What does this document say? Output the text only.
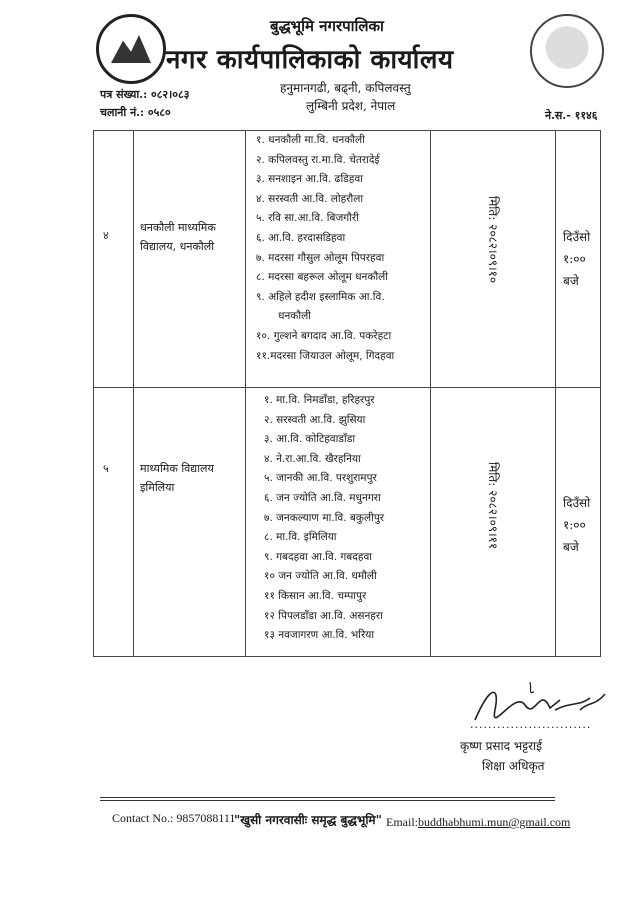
बुद्धभूमि नगरपालिका
नगर कार्यपालिकाको कार्यालय
हनुमानगढी, बढ्नी, कपिलवस्तु
लुम्बिनी प्रदेश, नेपाल
पत्र संख्या.: ०८२।०८३
चलानी नं.: ०५८०	ने.स.- ११४६
४
धनकौली माध्यमिक विद्यालय, धनकौली
१. धनकौली मा.वि. धनकौली
२. कपिलवस्तु रा.मा.वि. चेतरादेई
३. सनशाइन आ.वि. ढडिहवा
४. सरस्वती आ.वि. लोहरौला
५. रवि सा.आ.वि. बिजगौरी
६. आ.वि. हरदासडिहवा
७. मदरसा गौसुल ओलूम पिपरहवा
८. मदरसा बहरूल ओलूम धनकौली
९. अहिले हदीश इस्लामिक आ.वि.
धनकौली
१०. गुल्शने बगदाद आ.वि. पकरेहटा
११.मदरसा जियाउल ओलूम, गिदहवा
मिति: २०८२।०९।१०	दिउँसो
१:००
बजे
५	माध्यमिक विद्यालय इमिलिया
१. मा.वि. निमडाँडा, हरिहरपुर
२. सरस्वती आ.वि. झुसिया
३. आ.वि. कोटिहवाडाँडा
४. ने.रा.आ.वि. खैरहनिया
५. जानकी आ.वि. परशुरामपुर
६. जन ज्योति आ.वि. मधुनगरा
७. जनकल्याण मा.वि. बकुलीपुर
८. मा.वि. इमिलिया
९. गबदहवा आ.वि. गबदहवा
१० जन ज्योति आ.वि. धमौली
११ किसान आ.वि. चम्पापुर
१२ पिपलडाँडा आ.वि. असनहरा
१३ नवजागरण आ.वि. भरिया
मिति: २०८२।०९।११	दिउँसो
१:००
बजे
...........................
कृष्ण प्रसाद भट्टराई
शिक्षा अधिकृत
Contact No.: 9857088111
"खुसी नगरवासीः समृद्ध बुद्धभूमि" Email: buddhabhumi.mun@gmail.com
